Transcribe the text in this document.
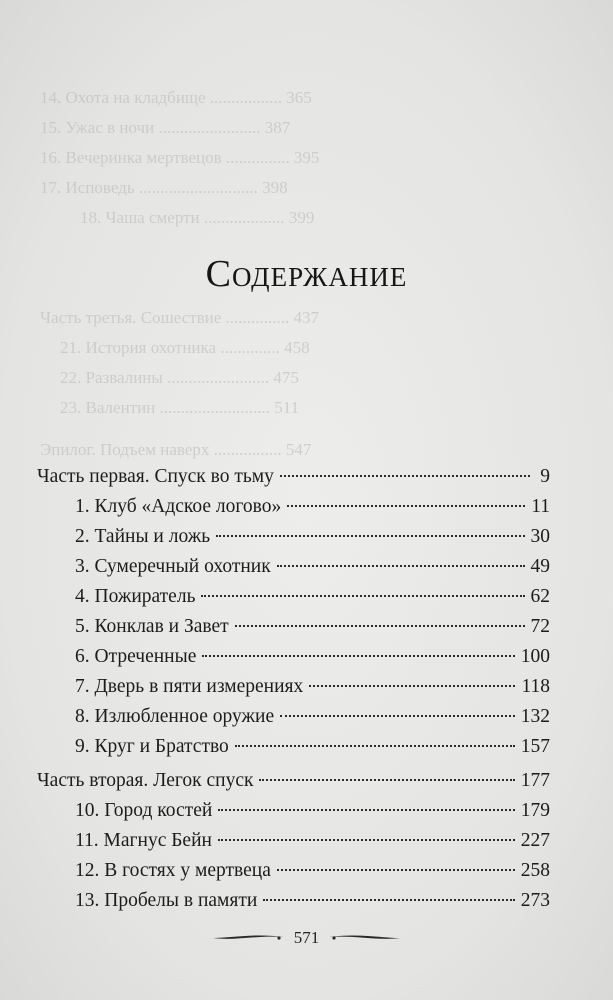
14. Охота на кладбище ................. 365
15. Ужас в ночи ........................ 387
16. Вечеринка мертвецов ............... 395
17. Исповедь ............................ 398
18. Чаша смерти ................... 399
Часть третья. Сошествие ............... 437
21. История охотника .............. 458
22. Развалины ........................ 475
23. Валентин .......................... 511
Эпилог. Подъем наверх ................ 547
Содержание
Часть первая. Спуск во тьму	9
1. Клуб «Адское логово»	11
2. Тайны и ложь	30
3. Сумеречный охотник	49
4. Пожиратель	62
5. Конклав и Завет	72
6. Отреченные	100
7. Дверь в пяти измерениях	118
8. Излюбленное оружие	132
9. Круг и Братство	157
Часть вторая. Легок спуск	177
10. Город костей	179
11. Магнус Бейн	227
12. В гостях у мертвеца	258
13. Пробелы в памяти	273
571
